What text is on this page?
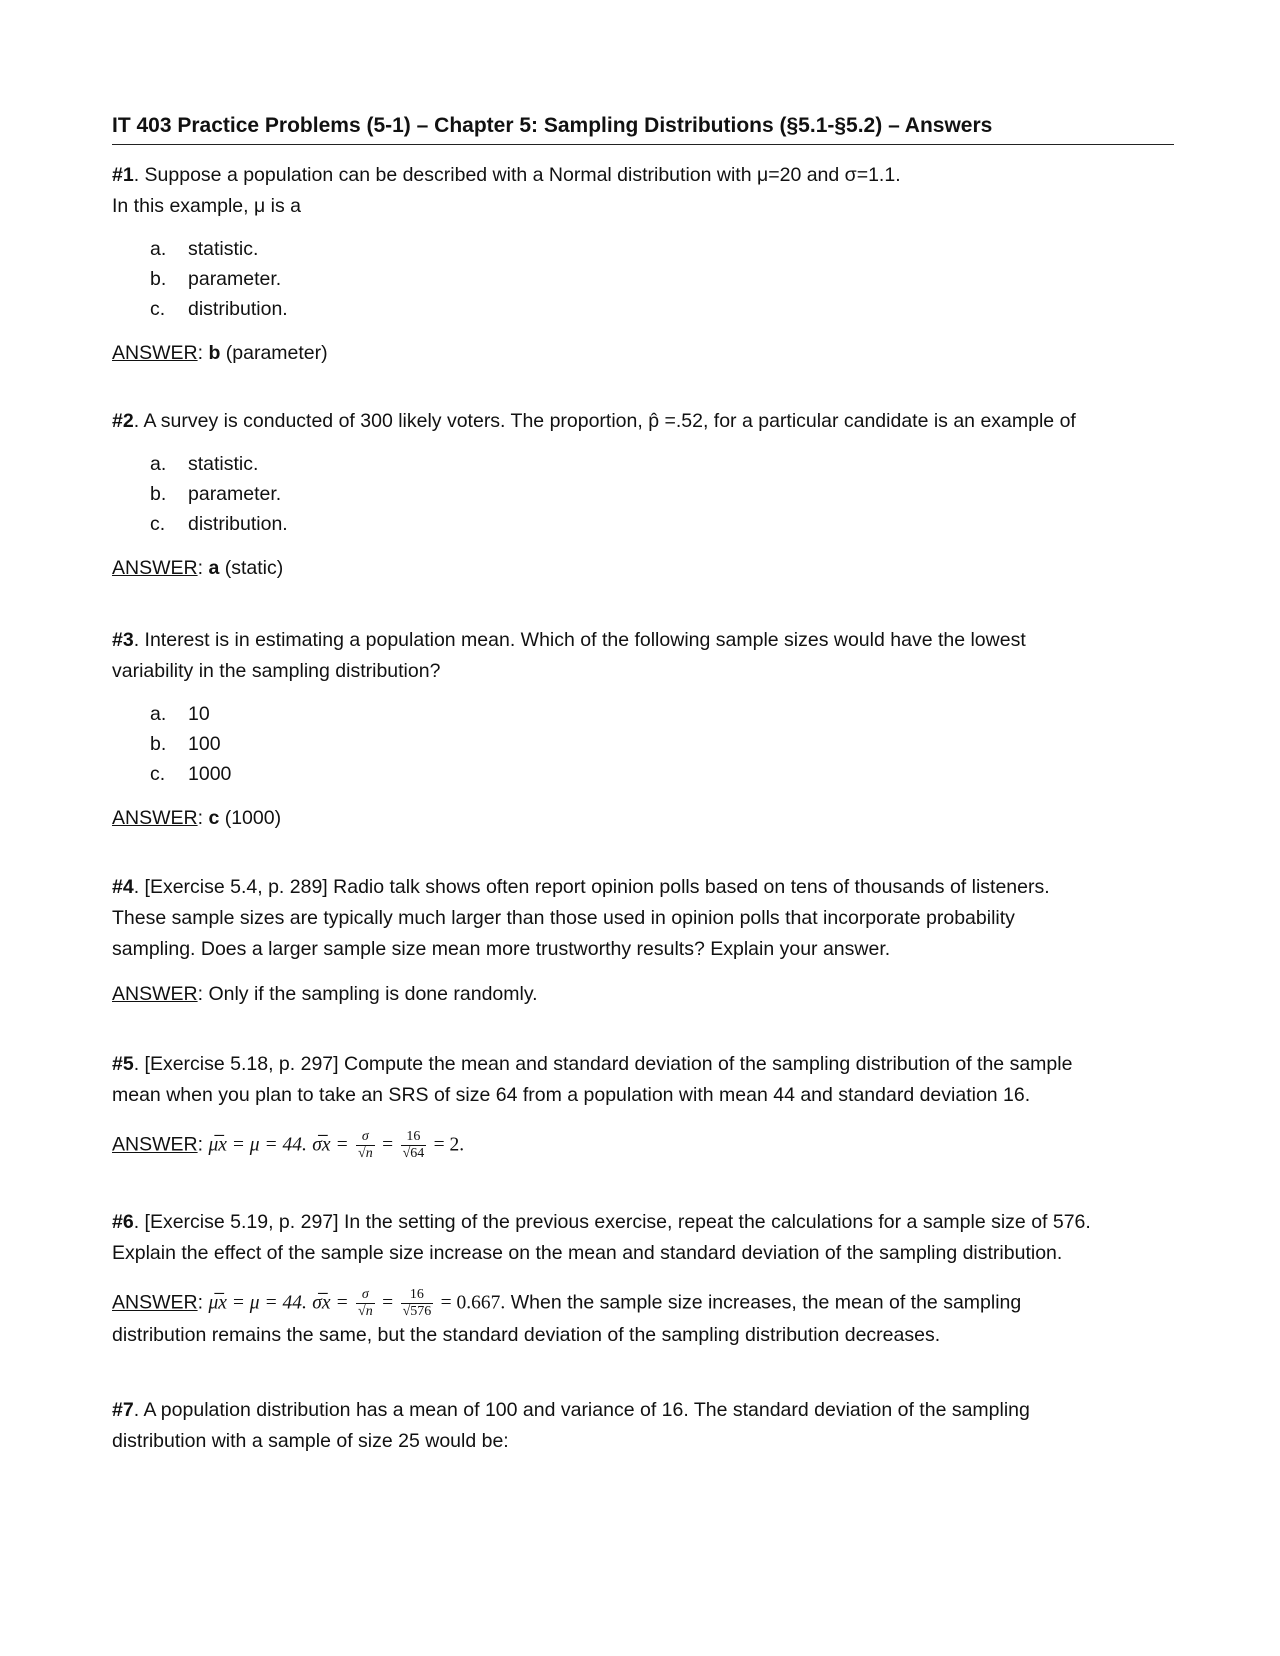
IT 403 Practice Problems (5-1) – Chapter 5: Sampling Distributions (§5.1-§5.2) – Answers
#1. Suppose a population can be described with a Normal distribution with μ=20 and σ=1.1.
In this example, μ is a
a. statistic.
b. parameter.
c. distribution.
ANSWER: b (parameter)
#2. A survey is conducted of 300 likely voters. The proportion, p̂ =.52, for a particular candidate is an example of
a. statistic.
b. parameter.
c. distribution.
ANSWER: a (static)
#3. Interest is in estimating a population mean. Which of the following sample sizes would have the lowest
variability in the sampling distribution?
a. 10
b. 100
c. 1000
ANSWER: c (1000)
#4. [Exercise 5.4, p. 289] Radio talk shows often report opinion polls based on tens of thousands of listeners.
These sample sizes are typically much larger than those used in opinion polls that incorporate probability
sampling. Does a larger sample size mean more trustworthy results? Explain your answer.
ANSWER: Only if the sampling is done randomly.
#5. [Exercise 5.18, p. 297] Compute the mean and standard deviation of the sampling distribution of the sample
mean when you plan to take an SRS of size 64 from a population with mean 44 and standard deviation 16.
ANSWER: μ̅x = μ = 44. σ̅x = $\frac{\sigma}{√n} = \frac{16}{√64} = 2$.
#6. [Exercise 5.19, p. 297] In the setting of the previous exercise, repeat the calculations for a sample size of 576.
Explain the effect of the sample size increase on the mean and standard deviation of the sampling distribution.
ANSWER: μ̅x = μ = 44. σ̅x = $\frac{\sigma}{√n} = \frac{16}{√576} = 0.667$. When the sample size increases, the mean of the sampling
distribution remains the same, but the standard deviation of the sampling distribution decreases.
#7. A population distribution has a mean of 100 and variance of 16. The standard deviation of the sampling
distribution with a sample of size 25 would be:
